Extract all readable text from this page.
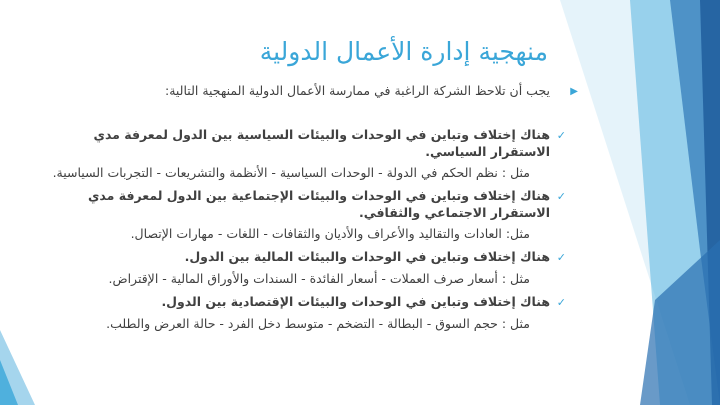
منهجية إدارة الأعمال الدولية
▶
يجب أن تلاحظ الشركة الراغبة في ممارسة الأعمال الدولية المنهجية التالية:

✓
هناك إختلاف وتباين في الوحدات والبيئات السياسية بين الدول لمعرفة مدي الاستقرار السياسي.

مثل : نظم الحكم في الدولة - الوحدات السياسية - الأنظمة والتشريعات - التجربات السياسية.

✓
هناك إختلاف وتباين في الوحدات والبيئات الإجتماعية بين الدول لمعرفة مدي الاستقرار الاجتماعي والثقافي.

مثل: العادات والتقاليد والأعراف والأديان والثقافات - اللغات - مهارات الإتصال.

✓
هناك إختلاف وتباين في الوحدات والبيئات المالية بين الدول.

مثل : أسعار صرف العملات - أسعار الفائدة - السندات والأوراق المالية - الإقتراض.

✓
هناك إختلاف وتباين في الوحدات والبيئات الإقتصادية بين الدول.

مثل : حجم السوق - البطالة - التضخم - متوسط دخل الفرد - حالة العرض والطلب.
